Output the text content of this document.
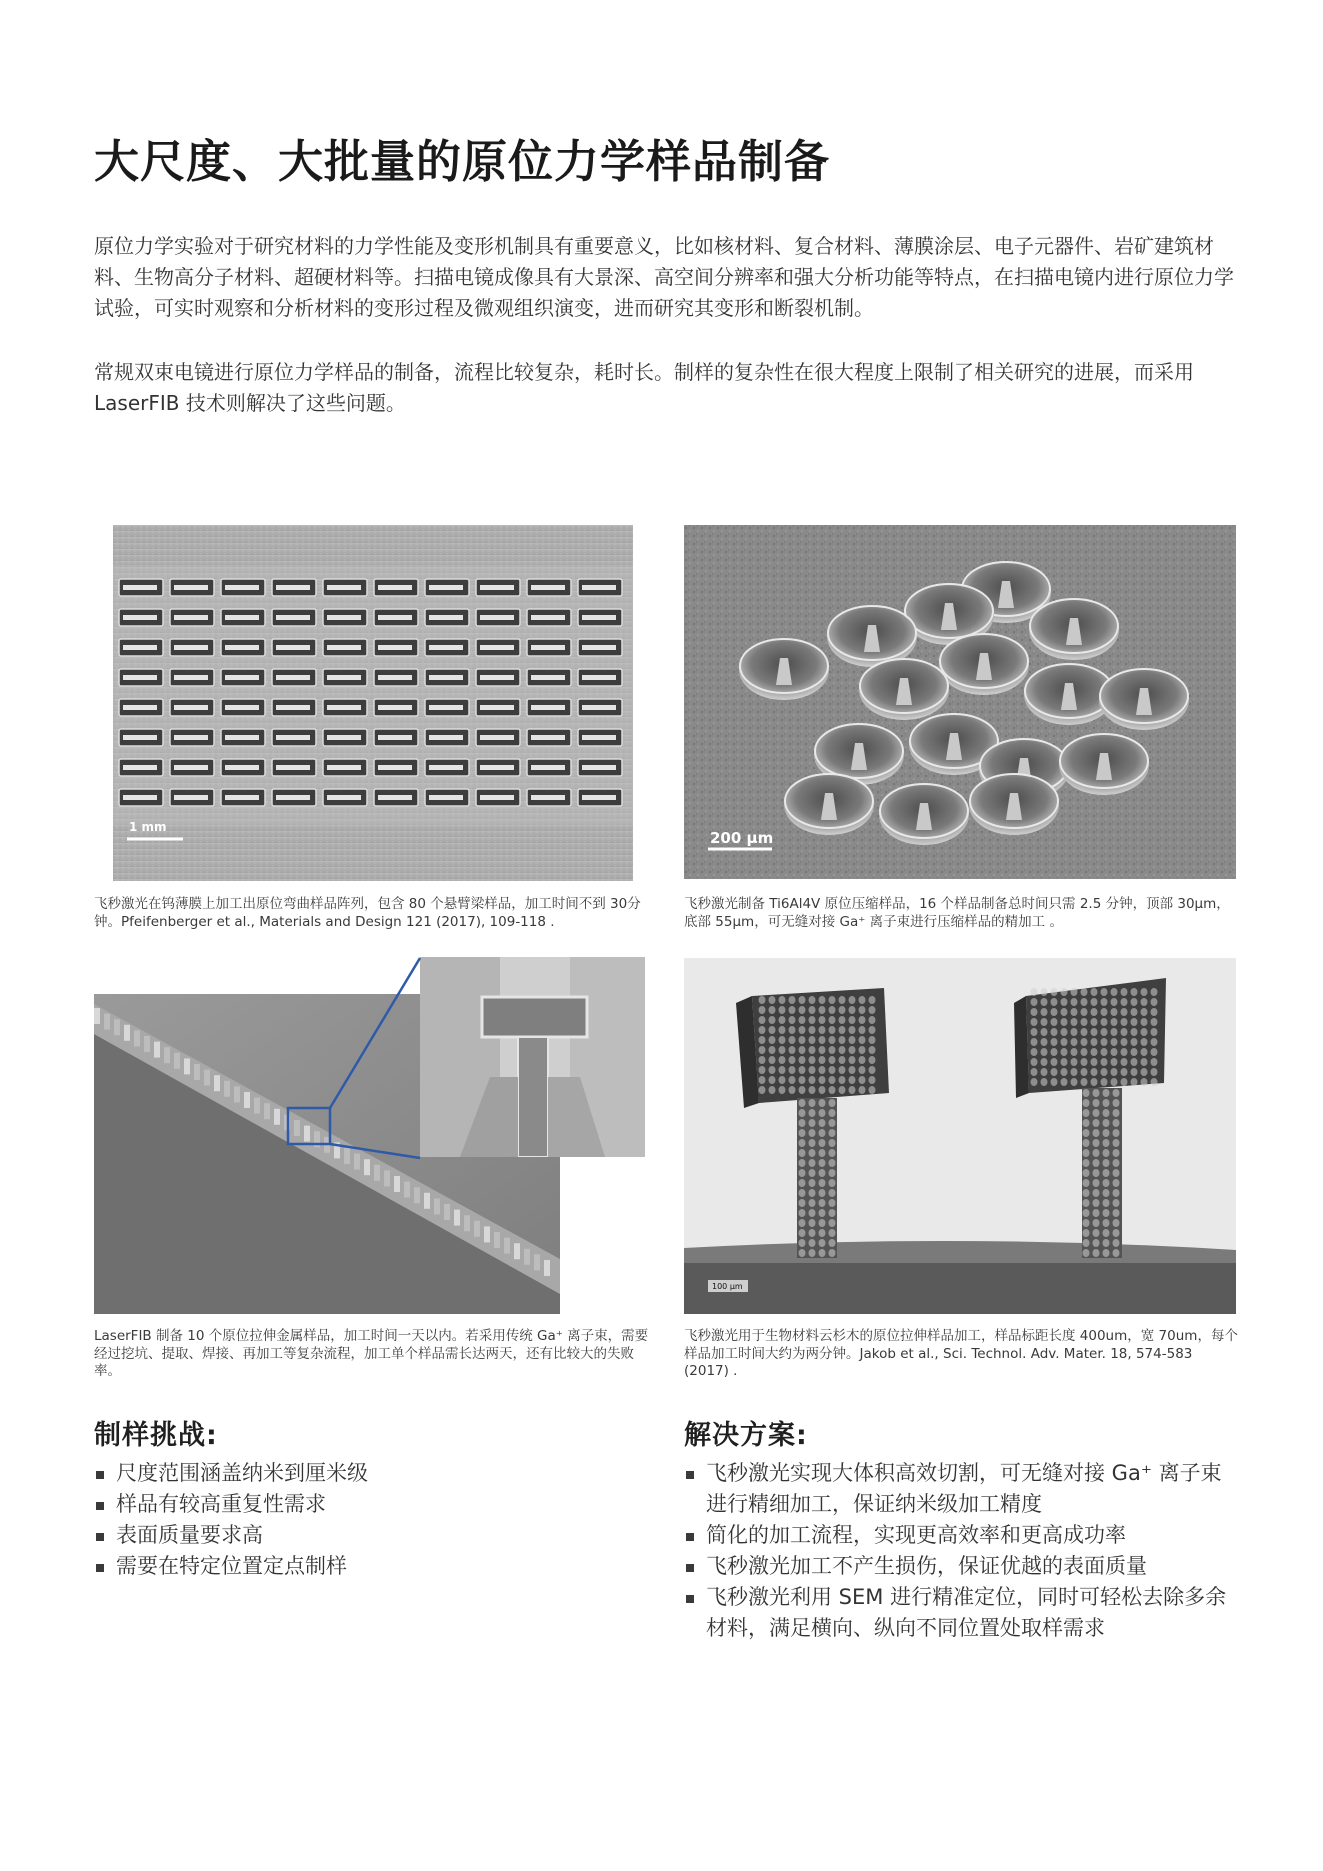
大尺度、大批量的原位力学样品制备
原位力学实验对于研究材料的力学性能及变形机制具有重要意义，比如核材料、复合材料、薄膜涂层、电子元器件、岩矿建筑材料、生物高分子材料、超硬材料等。扫描电镜成像具有大景深、高空间分辨率和强大分析功能等特点，在扫描电镜内进行原位力学试验，可实时观察和分析材料的变形过程及微观组织演变，进而研究其变形和断裂机制。
常规双束电镜进行原位力学样品的制备，流程比较复杂，耗时长。制样的复杂性在很大程度上限制了相关研究的进展，而采用 LaserFIB 技术则解决了这些问题。
1 mm
飞秒激光在钨薄膜上加工出原位弯曲样品阵列，包含 80 个悬臂梁样品，加工时间不到 30分钟。Pfeifenberger et al., Materials and Design 121 (2017), 109-118 .
200 µm
飞秒激光制备 Ti6Al4V 原位压缩样品，16 个样品制备总时间只需 2.5 分钟，顶部 30µm，底部 55µm，可无缝对接 Ga⁺ 离子束进行压缩样品的精加工 。
LaserFIB 制备 10 个原位拉伸金属样品，加工时间一天以内。若采用传统 Ga⁺ 离子束，需要经过挖坑、提取、焊接、再加工等复杂流程，加工单个样品需长达两天，还有比较大的失败率。
100 µm
飞秒激光用于生物材料云杉木的原位拉伸样品加工，样品标距长度 400um，宽 70um，每个样品加工时间大约为两分钟。Jakob et al., Sci. Technol. Adv. Mater. 18, 574-583 (2017) .
制样挑战:
尺度范围涵盖纳米到厘米级
样品有较高重复性需求
表面质量要求高
需要在特定位置定点制样
解决方案:
飞秒激光实现大体积高效切割，可无缝对接 Ga⁺ 离子束进行精细加工，保证纳米级加工精度
简化的加工流程，实现更高效率和更高成功率
飞秒激光加工不产生损伤，保证优越的表面质量
飞秒激光利用 SEM 进行精准定位，同时可轻松去除多余材料，满足横向、纵向不同位置处取样需求
